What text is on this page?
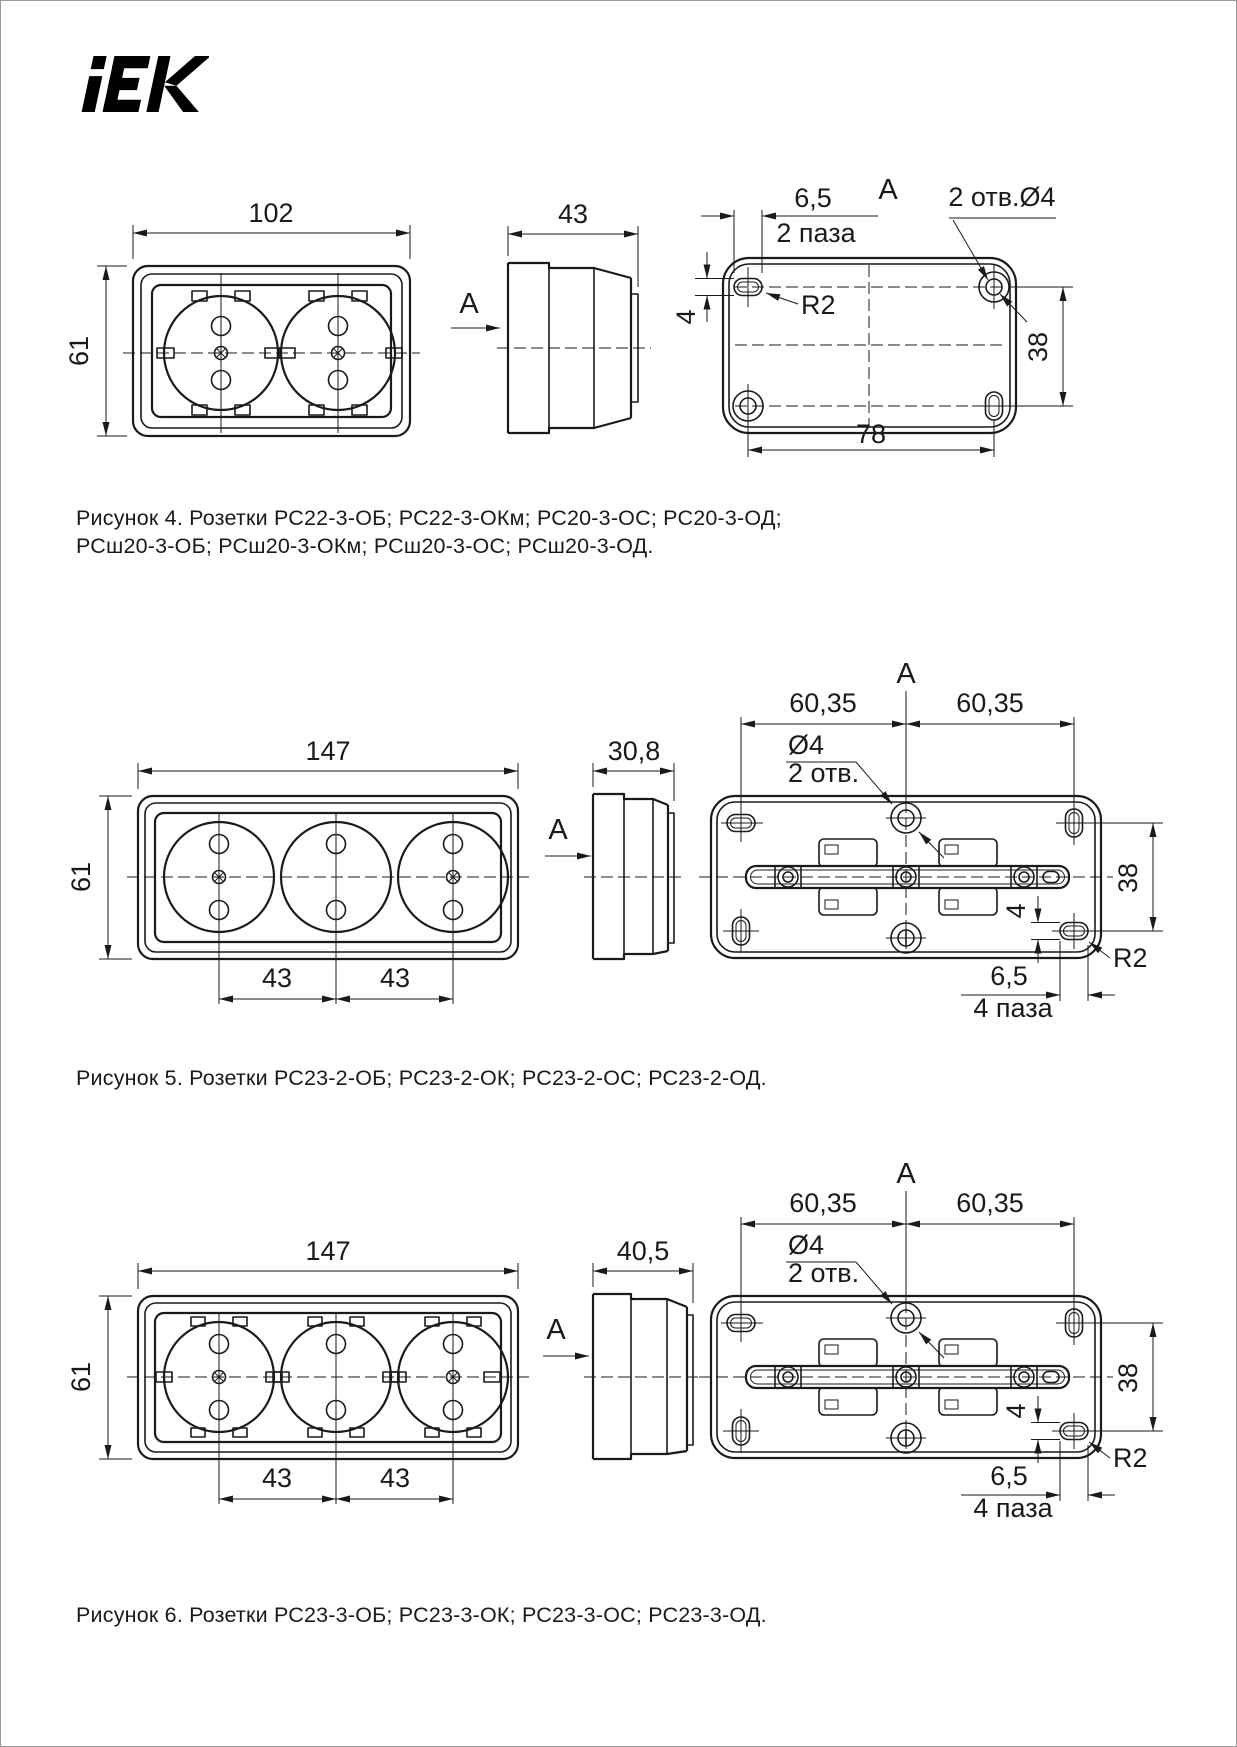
102
61
43
A
6,5
2 паза
A 2 отв.Ø4
R2
4
38
78

Рисунок 4. Розетки РС22-3-ОБ; РС22-3-ОКм; РС20-3-ОС; РС20-3-ОД;
РСш20-3-ОБ; РСш20-3-ОКм; РСш20-3-ОС; РСш20-3-ОД.

147
61
43	43
30,8
A
A
60,35	60,35
Ø4
2 отв.
38
4
R2
6,5
4 паза

Рисунок 5. Розетки РС23-2-ОБ; РС23-2-ОК; РС23-2-ОС; РС23-2-ОД.

147
61
43	43
40,5
A
A
60,35	60,35
Ø4
2 отв.
38
4
R2
6,5
4 паза

Рисунок 6. Розетки РС23-3-ОБ; РС23-3-ОК; РС23-3-ОС; РС23-3-ОД.
